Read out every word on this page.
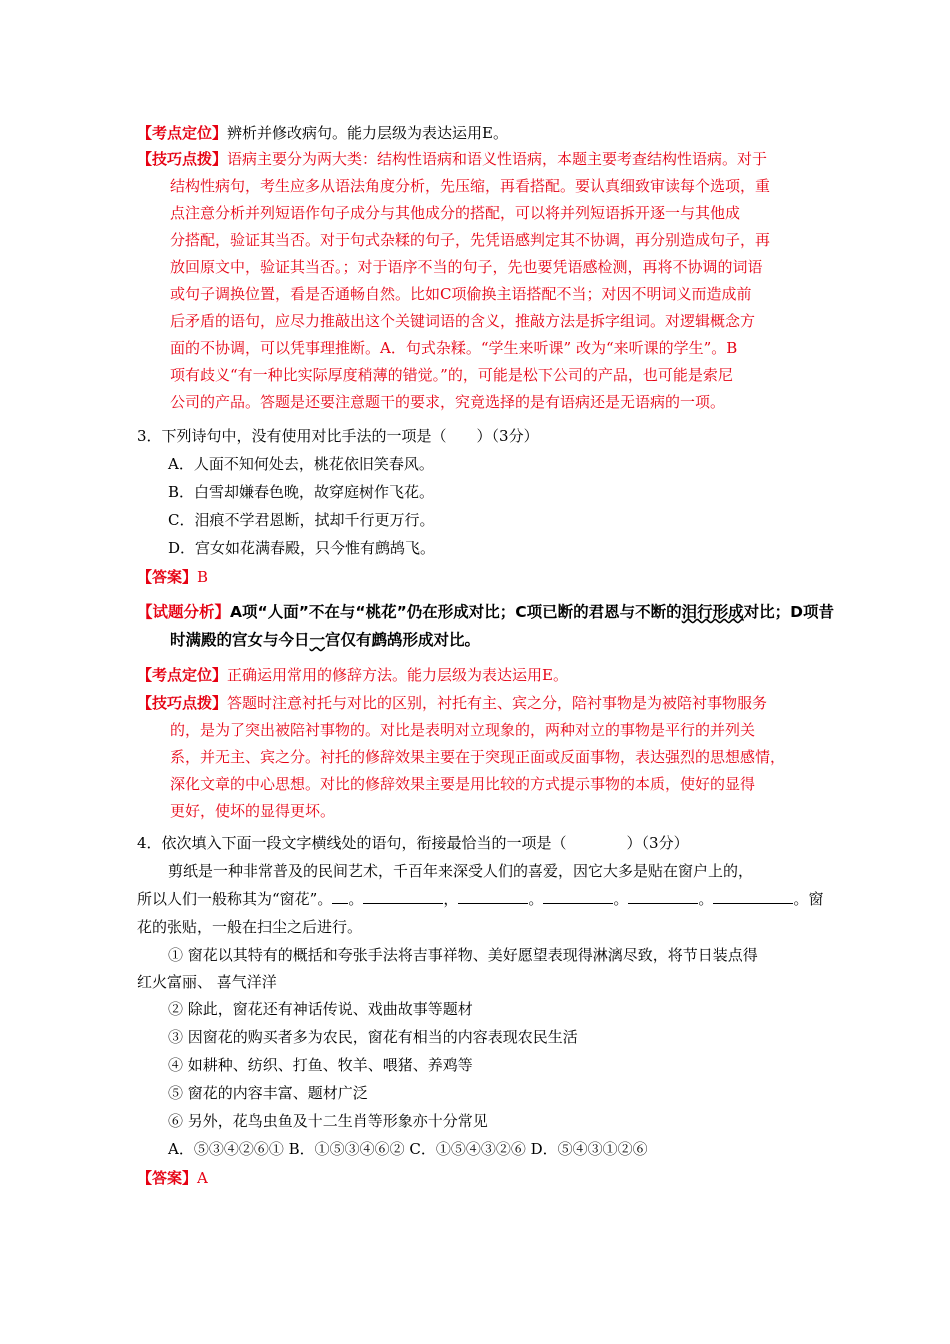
【考点定位】辨析并修改病句。能力层级为表达运用E。
【技巧点拨】语病主要分为两大类：结构性语病和语义性语病，本题主要考查结构性语病。对于
结构性病句，考生应多从语法角度分析，先压缩，再看搭配。要认真细致审读每个选项，重
点注意分析并列短语作句子成分与其他成分的搭配，可以将并列短语拆开逐一与其他成
分搭配，验证其当否。对于句式杂糅的句子，先凭语感判定其不协调，再分别造成句子，再
放回原文中，验证其当否。；对于语序不当的句子，先也要凭语感检测，再将不协调的词语
或句子调换位置，看是否通畅自然。比如C项偷换主语搭配不当；对因不明词义而造成前
后矛盾的语句，应尽力推敲出这个关键词语的含义，推敲方法是拆字组词。对逻辑概念方
面的不协调，可以凭事理推断。A．句式杂糅。“学生来听课” 改为“来听课的学生”。B
项有歧义“有一种比实际厚度稍薄的错觉。”的，可能是松下公司的产品，也可能是索尼
公司的产品。答题是还要注意题干的要求，究竟选择的是有语病还是无语病的一项。
3．下列诗句中，没有使用对比手法的一项是（　　）（3分）
A．人面不知何处去，桃花依旧笑春风。
B．白雪却嫌春色晚，故穿庭树作飞花。
C．泪痕不学君恩断，拭却千行更万行。
D．宫女如花满春殿，只今惟有鹧鸪飞。
【答案】B
【试题分析】A项“人面”不在与“桃花”仍在形成对比；C项已断的君恩与不断的泪行形成对比；D项昔
时满殿的宫女与今日一宫仅有鹧鸪形成对比。
【考点定位】正确运用常用的修辞方法。能力层级为表达运用E。
【技巧点拨】答题时注意衬托与对比的区别，衬托有主、宾之分，陪衬事物是为被陪衬事物服务
的，是为了突出被陪衬事物的。对比是表明对立现象的，两种对立的事物是平行的并列关
系，并无主、宾之分。衬托的修辞效果主要在于突现正面或反面事物，表达强烈的思想感情，
深化文章的中心思想。对比的修辞效果主要是用比较的方式提示事物的本质，使好的显得
更好，使坏的显得更坏。
4．依次填入下面一段文字横线处的语句，衔接最恰当的一项是（　　　　）（3分）
剪纸是一种非常普及的民间艺术，千百年来深受人们的喜爱，因它大多是贴在窗户上的，
所以人们一般称其为“窗花”。 。	，	。	。	。	。窗
花的张贴，一般在扫尘之后进行。
① 窗花以其特有的概括和夸张手法将吉事祥物、美好愿望表现得淋漓尽致，将节日装点得
红火富丽、 喜气洋洋
② 除此，窗花还有神话传说、戏曲故事等题材
③ 因窗花的购买者多为农民，窗花有相当的内容表现农民生活
④ 如耕种、纺织、打鱼、牧羊、喂猪、养鸡等
⑤ 窗花的内容丰富、题材广泛
⑥ 另外，花鸟虫鱼及十二生肖等形象亦十分常见
A．⑤③④②⑥① B．①⑤③④⑥② C．①⑤④③②⑥ D．⑤④③①②⑥
【答案】A
